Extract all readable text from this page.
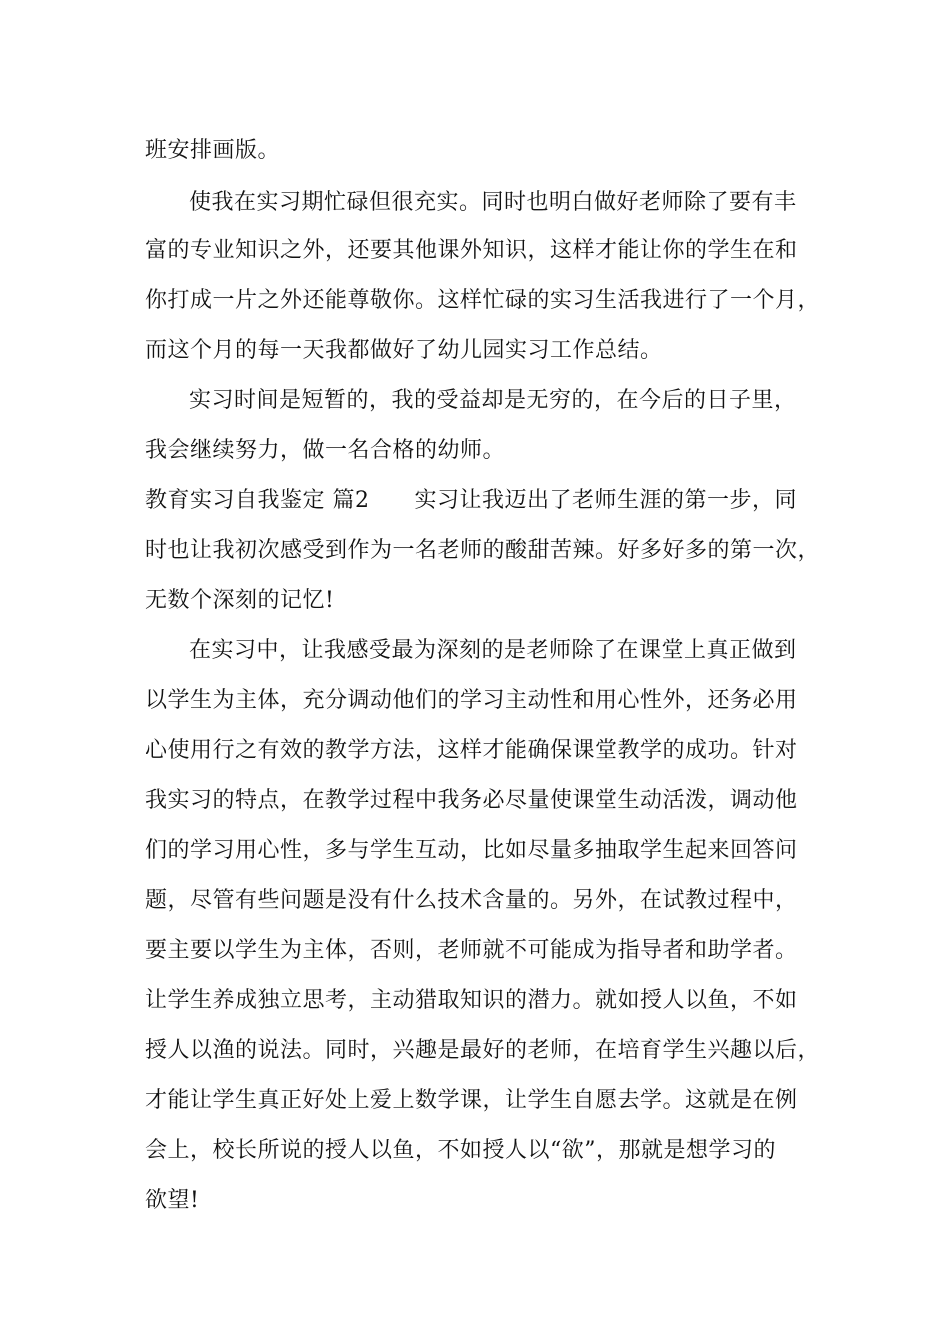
班安排画版。
使我在实习期忙碌但很充实。同时也明白做好老师除了要有丰
富的专业知识之外，还要其他课外知识，这样才能让你的学生在和
你打成一片之外还能尊敬你。这样忙碌的实习生活我进行了一个月，
而这个月的每一天我都做好了幼儿园实习工作总结。
实习时间是短暂的，我的受益却是无穷的，在今后的日子里，
我会继续努力，做一名合格的幼师。
教育实习自我鉴定 篇2　　实习让我迈出了老师生涯的第一步，同
时也让我初次感受到作为一名老师的酸甜苦辣。好多好多的第一次，
无数个深刻的记忆!
在实习中，让我感受最为深刻的是老师除了在课堂上真正做到
以学生为主体，充分调动他们的学习主动性和用心性外，还务必用
心使用行之有效的教学方法，这样才能确保课堂教学的成功。针对
我实习的特点，在教学过程中我务必尽量使课堂生动活泼，调动他
们的学习用心性，多与学生互动，比如尽量多抽取学生起来回答问
题，尽管有些问题是没有什么技术含量的。另外，在试教过程中，
要主要以学生为主体，否则，老师就不可能成为指导者和助学者。
让学生养成独立思考，主动猎取知识的潜力。就如授人以鱼，不如
授人以渔的说法。同时，兴趣是最好的老师，在培育学生兴趣以后，
才能让学生真正好处上爱上数学课，让学生自愿去学。这就是在例
会上，校长所说的授人以鱼，不如授人以“欲”，那就是想学习的
欲望!
